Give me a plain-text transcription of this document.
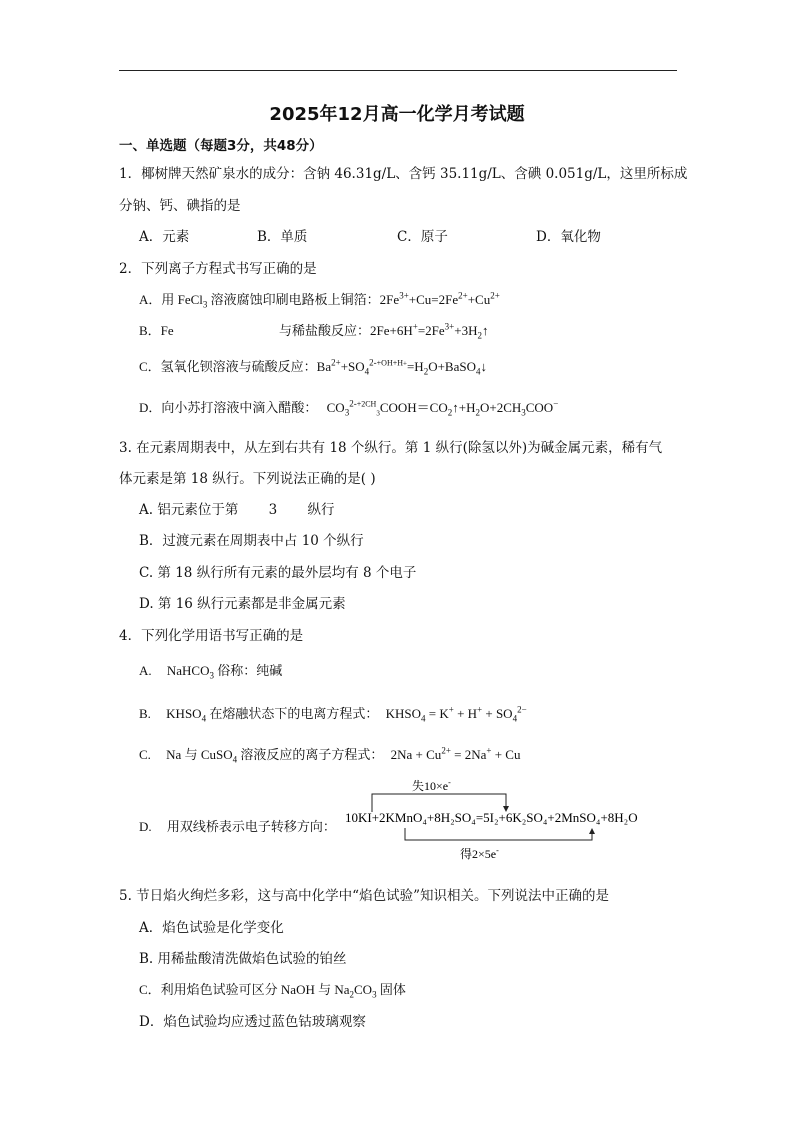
2025年12月高一化学月考试题
一、单选题（每题3分，共48分）
1．椰树牌天然矿泉水的成分：含钠 46.31g/L、含钙 35.11g/L、含碘 0.051g/L，这里所标成
分钠、钙、碘指的是
A．元素	B．单质	C．原子	D．氧化物
2．下列离子方程式书写正确的是
A．用 FeCl$_3$ 溶液腐蚀印刷电路板上铜箔：$2Fe^{3+}+Cu=2Fe^{2+}+Cu^{2+}$
B．Fe	与稀盐酸反应：$2Fe+6H^+=2Fe^{3+}+3H_2↑$
C．氢氧化钡溶液与硫酸反应：$Ba^{2+}+SO_4^{2-+OH+H+}=H_2O+BaSO_4↓$
D．向小苏打溶液中滴入醋酸： $CO_3^{2-+2CH}_3COOH=CO_2↑+H_2O+2CH_3COO^-$
3. 在元素周期表中，从左到右共有 18 个纵行。第 1 纵行(除氢以外)为碱金属元素，稀有气
体元素是第 18 纵行。下列说法正确的是( )
A. 铝元素位于第 3 纵行
B．过渡元素在周期表中占 10 个纵行
C. 第 18 纵行所有元素的最外层均有 8 个电子
D. 第 16 纵行元素都是非金属元素
4．下列化学用语书写正确的是
A. NaHCO$_3$ 俗称：纯碱
B. $KHSO_4$ 在熔融状态下的电离方程式： $KHSO_4 = K^+ + H^+ + SO_4^{2-}$
C. Na 与 CuSO$_4$ 溶液反应的离子方程式： $2Na + Cu^{2+} = 2Na^+ + Cu$
D. 用双线桥表示电子转移方向：
失10×e-
10KI+2KMnO₄+8H₂SO₄=5I₂+6K₂SO₄+2MnSO₄+8H₂O
得2×5e-
5. 节日焰火绚烂多彩，这与高中化学中“焰色试验”知识相关。下列说法中正确的是
A．焰色试验是化学变化
B. 用稀盐酸清洗做焰色试验的铂丝
C．利用焰色试验可区分 NaOH 与 $Na_2CO_3$ 固体
D．焰色试验均应透过蓝色钴玻璃观察
